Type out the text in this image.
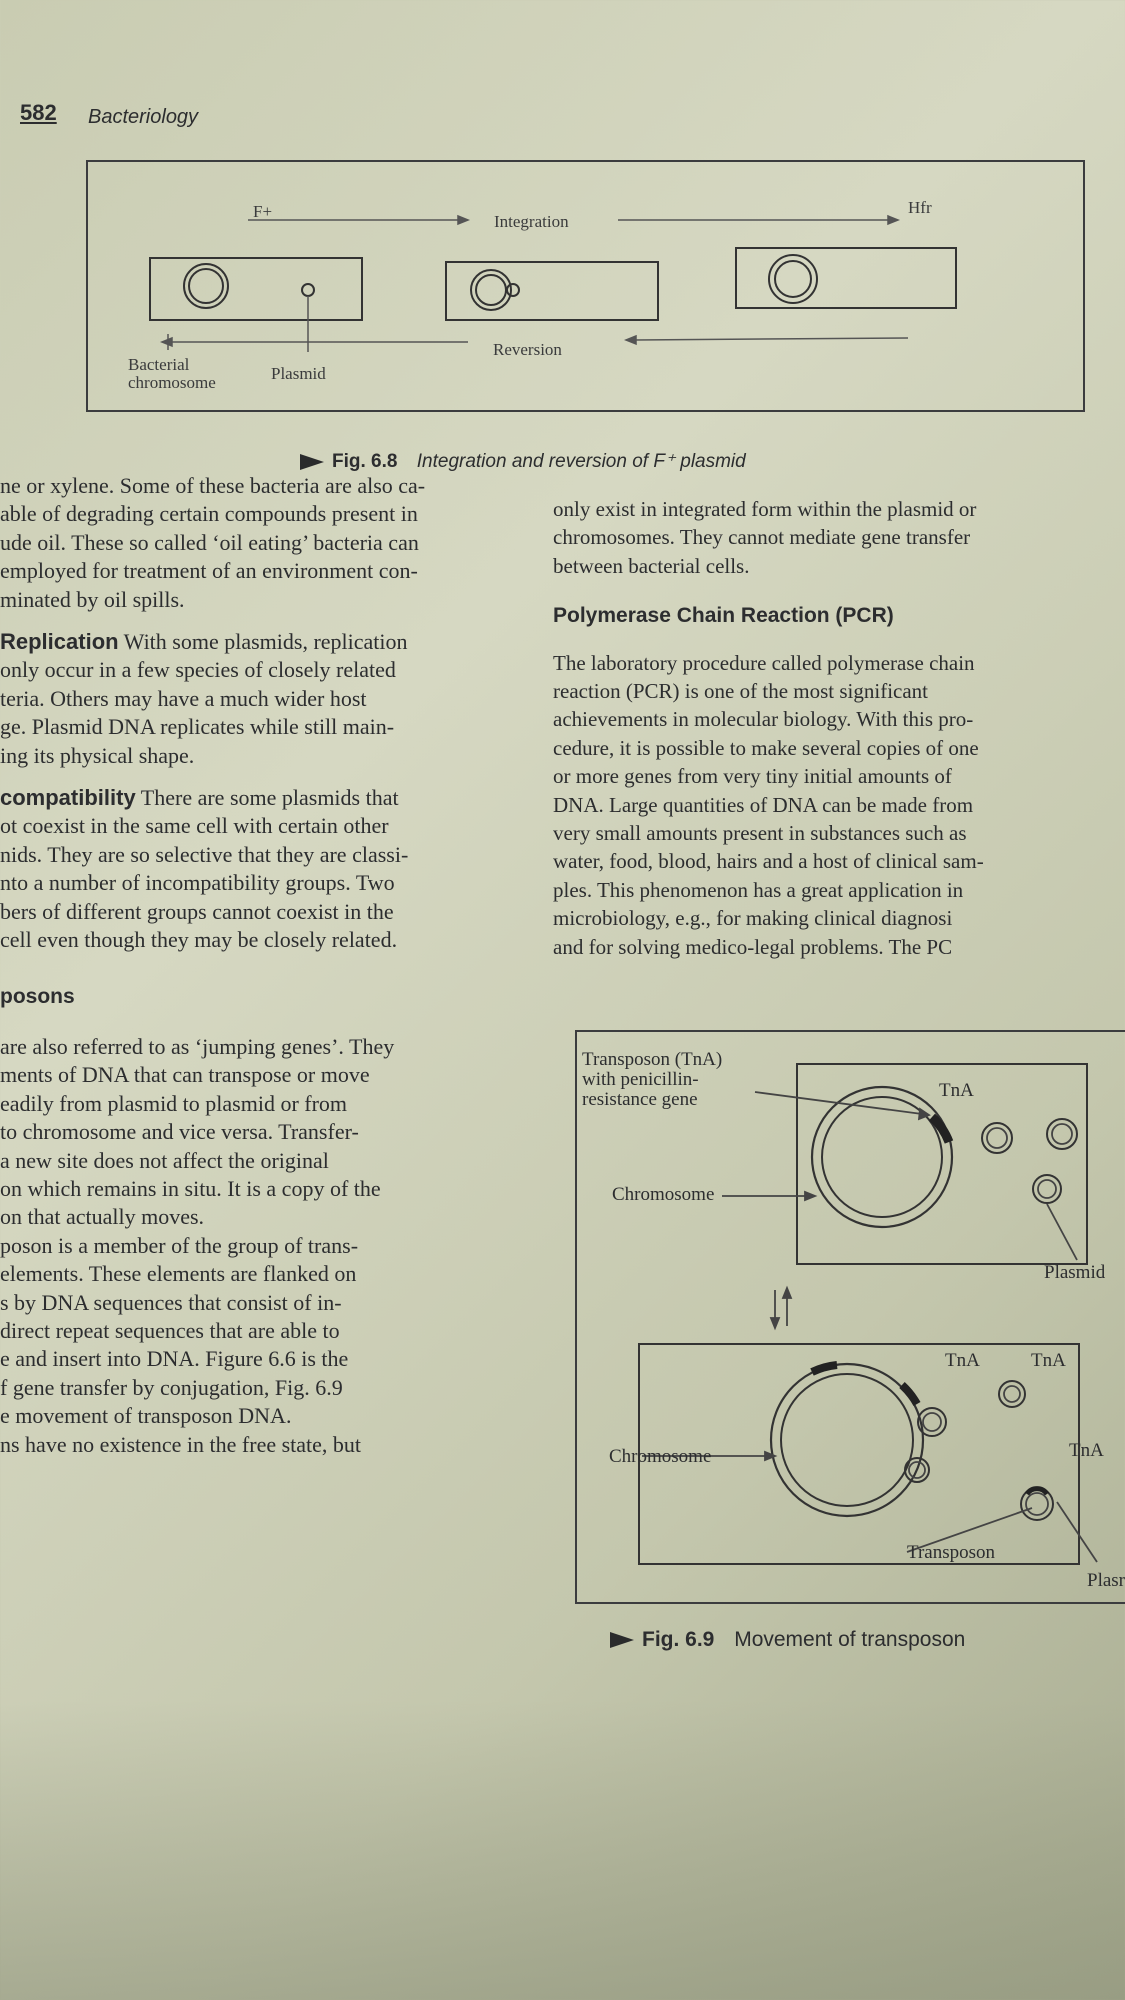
582 Bacteriology
F+
Integration
Hfr
Reversion
Bacterial
chromosome	Plasmid
Fig. 6.8 Integration and reversion of F⁺ plasmid

ne or xylene. Some of these bacteria are also ca-

able of degrading certain compounds present in

ude oil. These so called ‘oil eating’ bacteria can

employed for treatment of an environment con-

minated by oil spills.

Replication With some plasmids, replication

only occur in a few species of closely related

teria. Others may have a much wider host

ge. Plasmid DNA replicates while still main-

ing its physical shape.

compatibility There are some plasmids that

ot coexist in the same cell with certain other

nids. They are so selective that they are classi-

nto a number of incompatibility groups. Two

bers of different groups cannot coexist in the

cell even though they may be closely related.

posons

are also referred to as ‘jumping genes’. They

ments of DNA that can transpose or move

eadily from plasmid to plasmid or from

to chromosome and vice versa. Transfer-

a new site does not affect the original

on which remains in situ. It is a copy of the

on that actually moves.

poson is a member of the group of trans-

elements. These elements are flanked on

s by DNA sequences that consist of in-

direct repeat sequences that are able to

e and insert into DNA. Figure 6.6 is the

f gene transfer by conjugation, Fig. 6.9

e movement of transposon DNA.

ns have no existence in the free state, but

only exist in integrated form within the plasmid or

chromosomes. They cannot mediate gene transfer

between bacterial cells.

Polymerase Chain Reaction (PCR)

The laboratory procedure called polymerase chain

reaction (PCR) is one of the most significant

achievements in molecular biology. With this pro-

cedure, it is possible to make several copies of one

or more genes from very tiny initial amounts of

DNA. Large quantities of DNA can be made from

very small amounts present in substances such as

water, food, blood, hairs and a host of clinical sam-

ples. This phenomenon has a great application in

microbiology, e.g., for making clinical diagnosi

and for solving medico-legal problems. The PC

Transposon (TnA)
with penicillin-
resistance gene	TnA
Chromosome
Plasmid
TnA	TnA
TnA
Chromosome
Transposon
Plasr
Fig. 6.9 Movement of transposon
